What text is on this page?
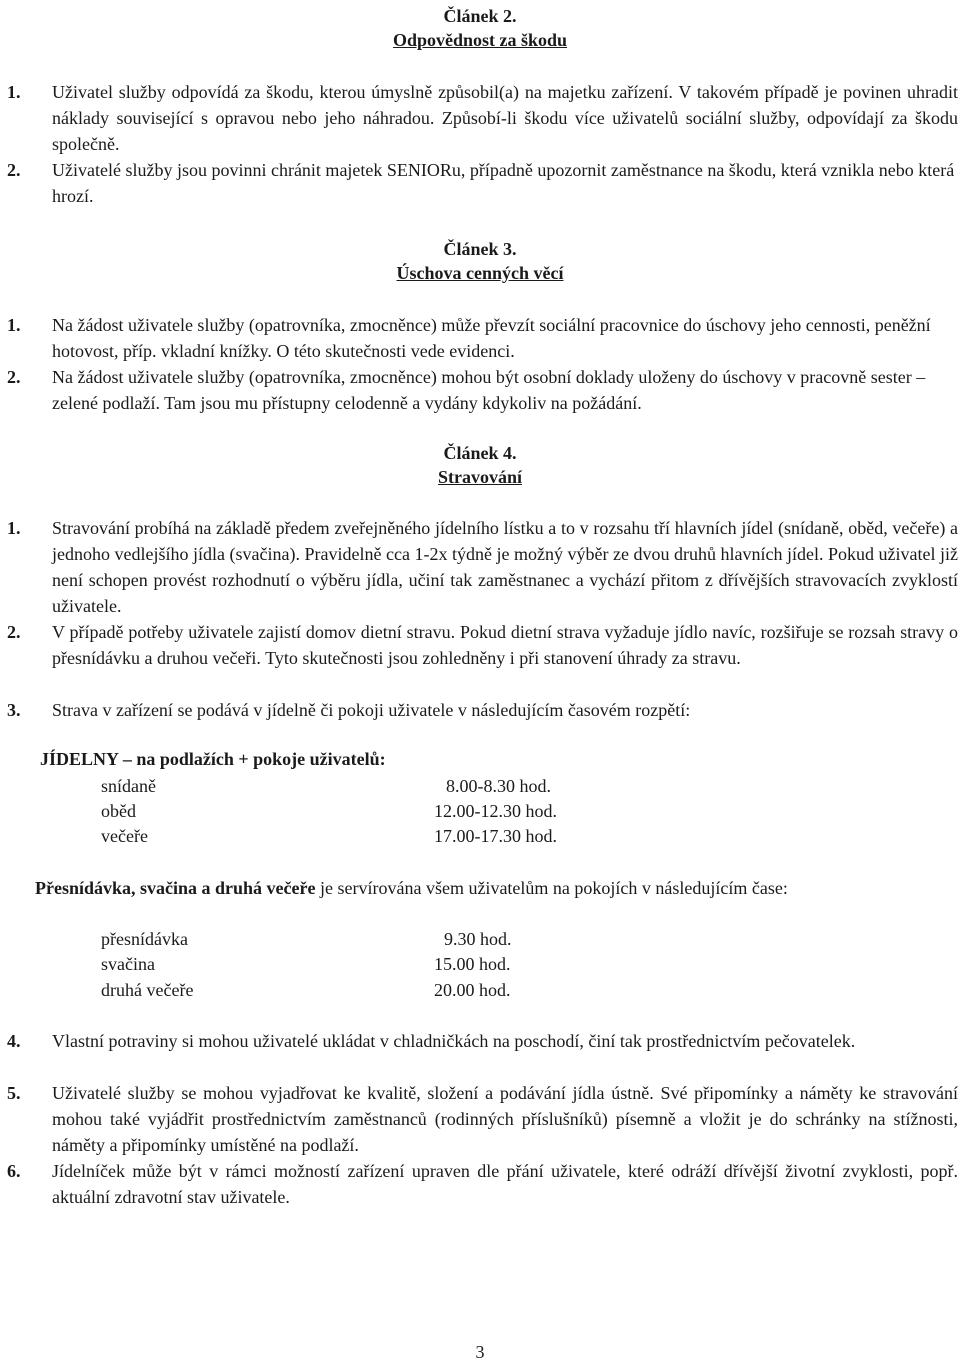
Článek 2.
Odpovědnost za škodu
1. Uživatel služby odpovídá za škodu, kterou úmyslně způsobil(a) na majetku zařízení. V takovém případě je povinen uhradit náklady související s opravou nebo jeho náhradou. Způsobí-li škodu více uživatelů sociální služby, odpovídají za škodu společně.
2. Uživatelé služby jsou povinni chránit majetek SENIORu, případně upozornit zaměstnance na škodu, která vznikla nebo která hrozí.
Článek 3.
Úschova cenných věcí
1. Na žádost uživatele služby (opatrovníka, zmocněnce) může převzít sociální pracovnice do úschovy jeho cennosti, peněžní hotovost, příp. vkladní knížky. O této skutečnosti vede evidenci.
2. Na žádost uživatele služby (opatrovníka, zmocněnce) mohou být osobní doklady uloženy do úschovy v pracovně sester – zelené podlaží. Tam jsou mu přístupny celodenně a vydány kdykoliv na požádání.
Článek 4.
Stravování
1. Stravování probíhá na základě předem zveřejněného jídelního lístku a to v rozsahu tří hlavních jídel (snídaně, oběd, večeře) a jednoho vedlejšího jídla (svačina). Pravidelně cca 1-2x týdně je možný výběr ze dvou druhů hlavních jídel. Pokud uživatel již není schopen provést rozhodnutí o výběru jídla, učiní tak zaměstnanec a vychází přitom z dřívějších stravovacích zvyklostí uživatele.
2. V případě potřeby uživatele zajistí domov dietní stravu. Pokud dietní strava vyžaduje jídlo navíc, rozšiřuje se rozsah stravy o přesnídávku a druhou večeři. Tyto skutečnosti jsou zohledněny i při stanovení úhrady za stravu.
3. Strava v zařízení se podává v jídelně či pokoji uživatele v následujícím časovém rozpětí:
JÍDELNY – na podlažích + pokoje uživatelů:
snídaně	8.00-8.30 hod.
oběd	12.00-12.30 hod.
večeře	17.00-17.30 hod.
Přesnídávka, svačina a druhá večeře je servírována všem uživatelům na pokojích v následujícím čase:
přesnídávka	9.30 hod.
svačina	15.00 hod.
druhá večeře	20.00 hod.
4. Vlastní potraviny si mohou uživatelé ukládat v chladničkách na poschodí, činí tak prostřednictvím pečovatelek.
5. Uživatelé služby se mohou vyjadřovat ke kvalitě, složení a podávání jídla ústně. Své připomínky a náměty ke stravování mohou také vyjádřit prostřednictvím zaměstnanců (rodinných příslušníků) písemně a vložit je do schránky na stížnosti, náměty a připomínky umístěné na podlaží.
6. Jídelníček může být v rámci možností zařízení upraven dle přání uživatele, které odráží dřívější životní zvyklosti, popř. aktuální zdravotní stav uživatele.
3
